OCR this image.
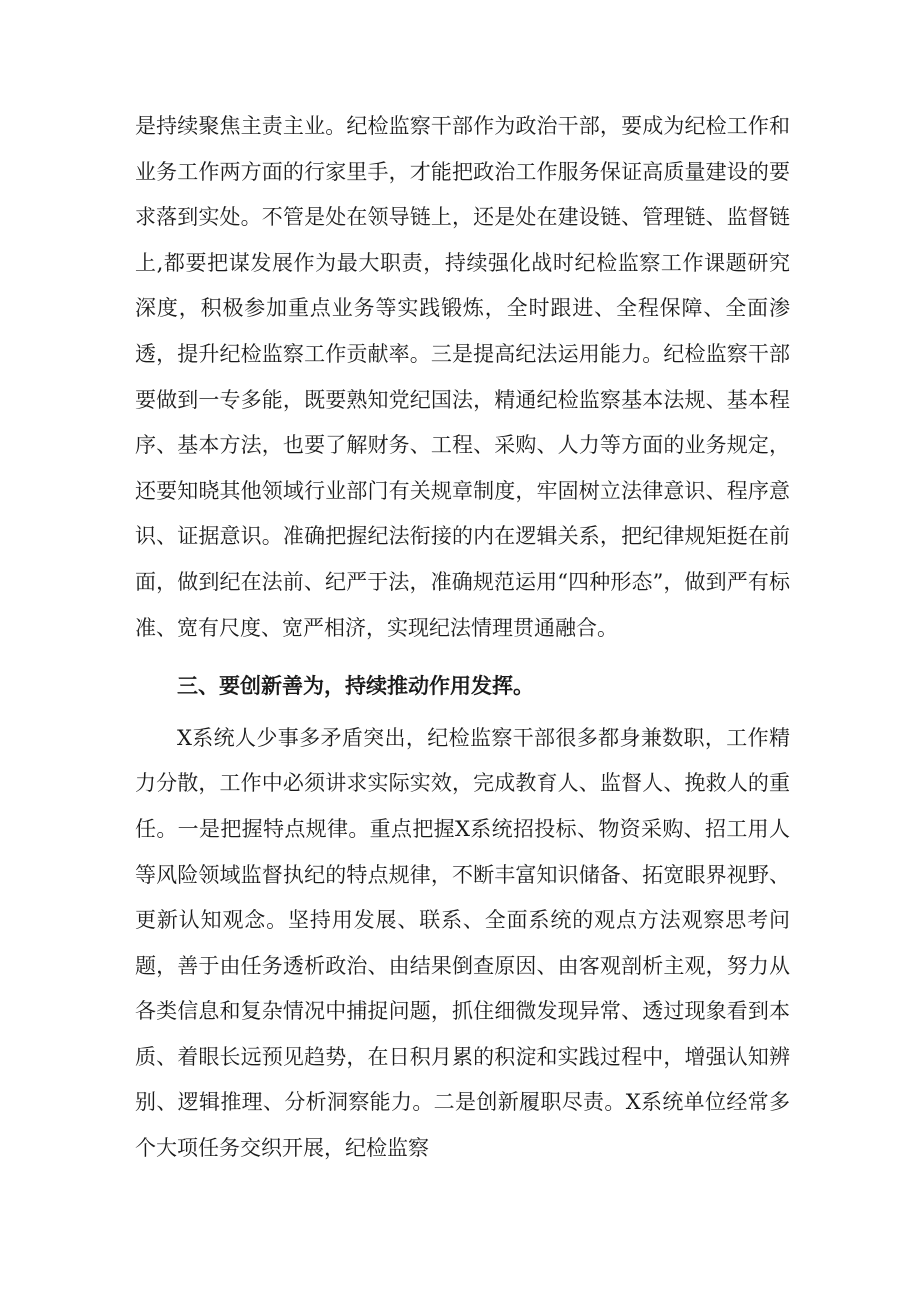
是持续聚焦主责主业。纪检监察干部作为政治干部，要成为纪检工作和业务工作两方面的行家里手，才能把政治工作服务保证高质量建设的要求落到实处。不管是处在领导链上，还是处在建设链、管理链、监督链上,都要把谋发展作为最大职责，持续强化战时纪检监察工作课题研究深度，积极参加重点业务等实践锻炼，全时跟进、全程保障、全面渗透，提升纪检监察工作贡献率。三是提高纪法运用能力。纪检监察干部要做到一专多能，既要熟知党纪国法，精通纪检监察基本法规、基本程序、基本方法，也要了解财务、工程、采购、人力等方面的业务规定，还要知晓其他领域行业部门有关规章制度，牢固树立法律意识、程序意识、证据意识。准确把握纪法衔接的内在逻辑关系，把纪律规矩挺在前面，做到纪在法前、纪严于法，准确规范运用“四种形态”，做到严有标准、宽有尺度、宽严相济，实现纪法情理贯通融合。

三、要创新善为，持续推动作用发挥。

X系统人少事多矛盾突出，纪检监察干部很多都身兼数职，工作精力分散，工作中必须讲求实际实效，完成教育人、监督人、挽救人的重任。一是把握特点规律。重点把握X系统招投标、物资采购、招工用人等风险领域监督执纪的特点规律，不断丰富知识储备、拓宽眼界视野、更新认知观念。坚持用发展、联系、全面系统的观点方法观察思考问题，善于由任务透析政治、由结果倒查原因、由客观剖析主观，努力从各类信息和复杂情况中捕捉问题，抓住细微发现异常、透过现象看到本质、着眼长远预见趋势，在日积月累的积淀和实践过程中，增强认知辨别、逻辑推理、分析洞察能力。二是创新履职尽责。X系统单位经常多个大项任务交织开展，纪检监察
